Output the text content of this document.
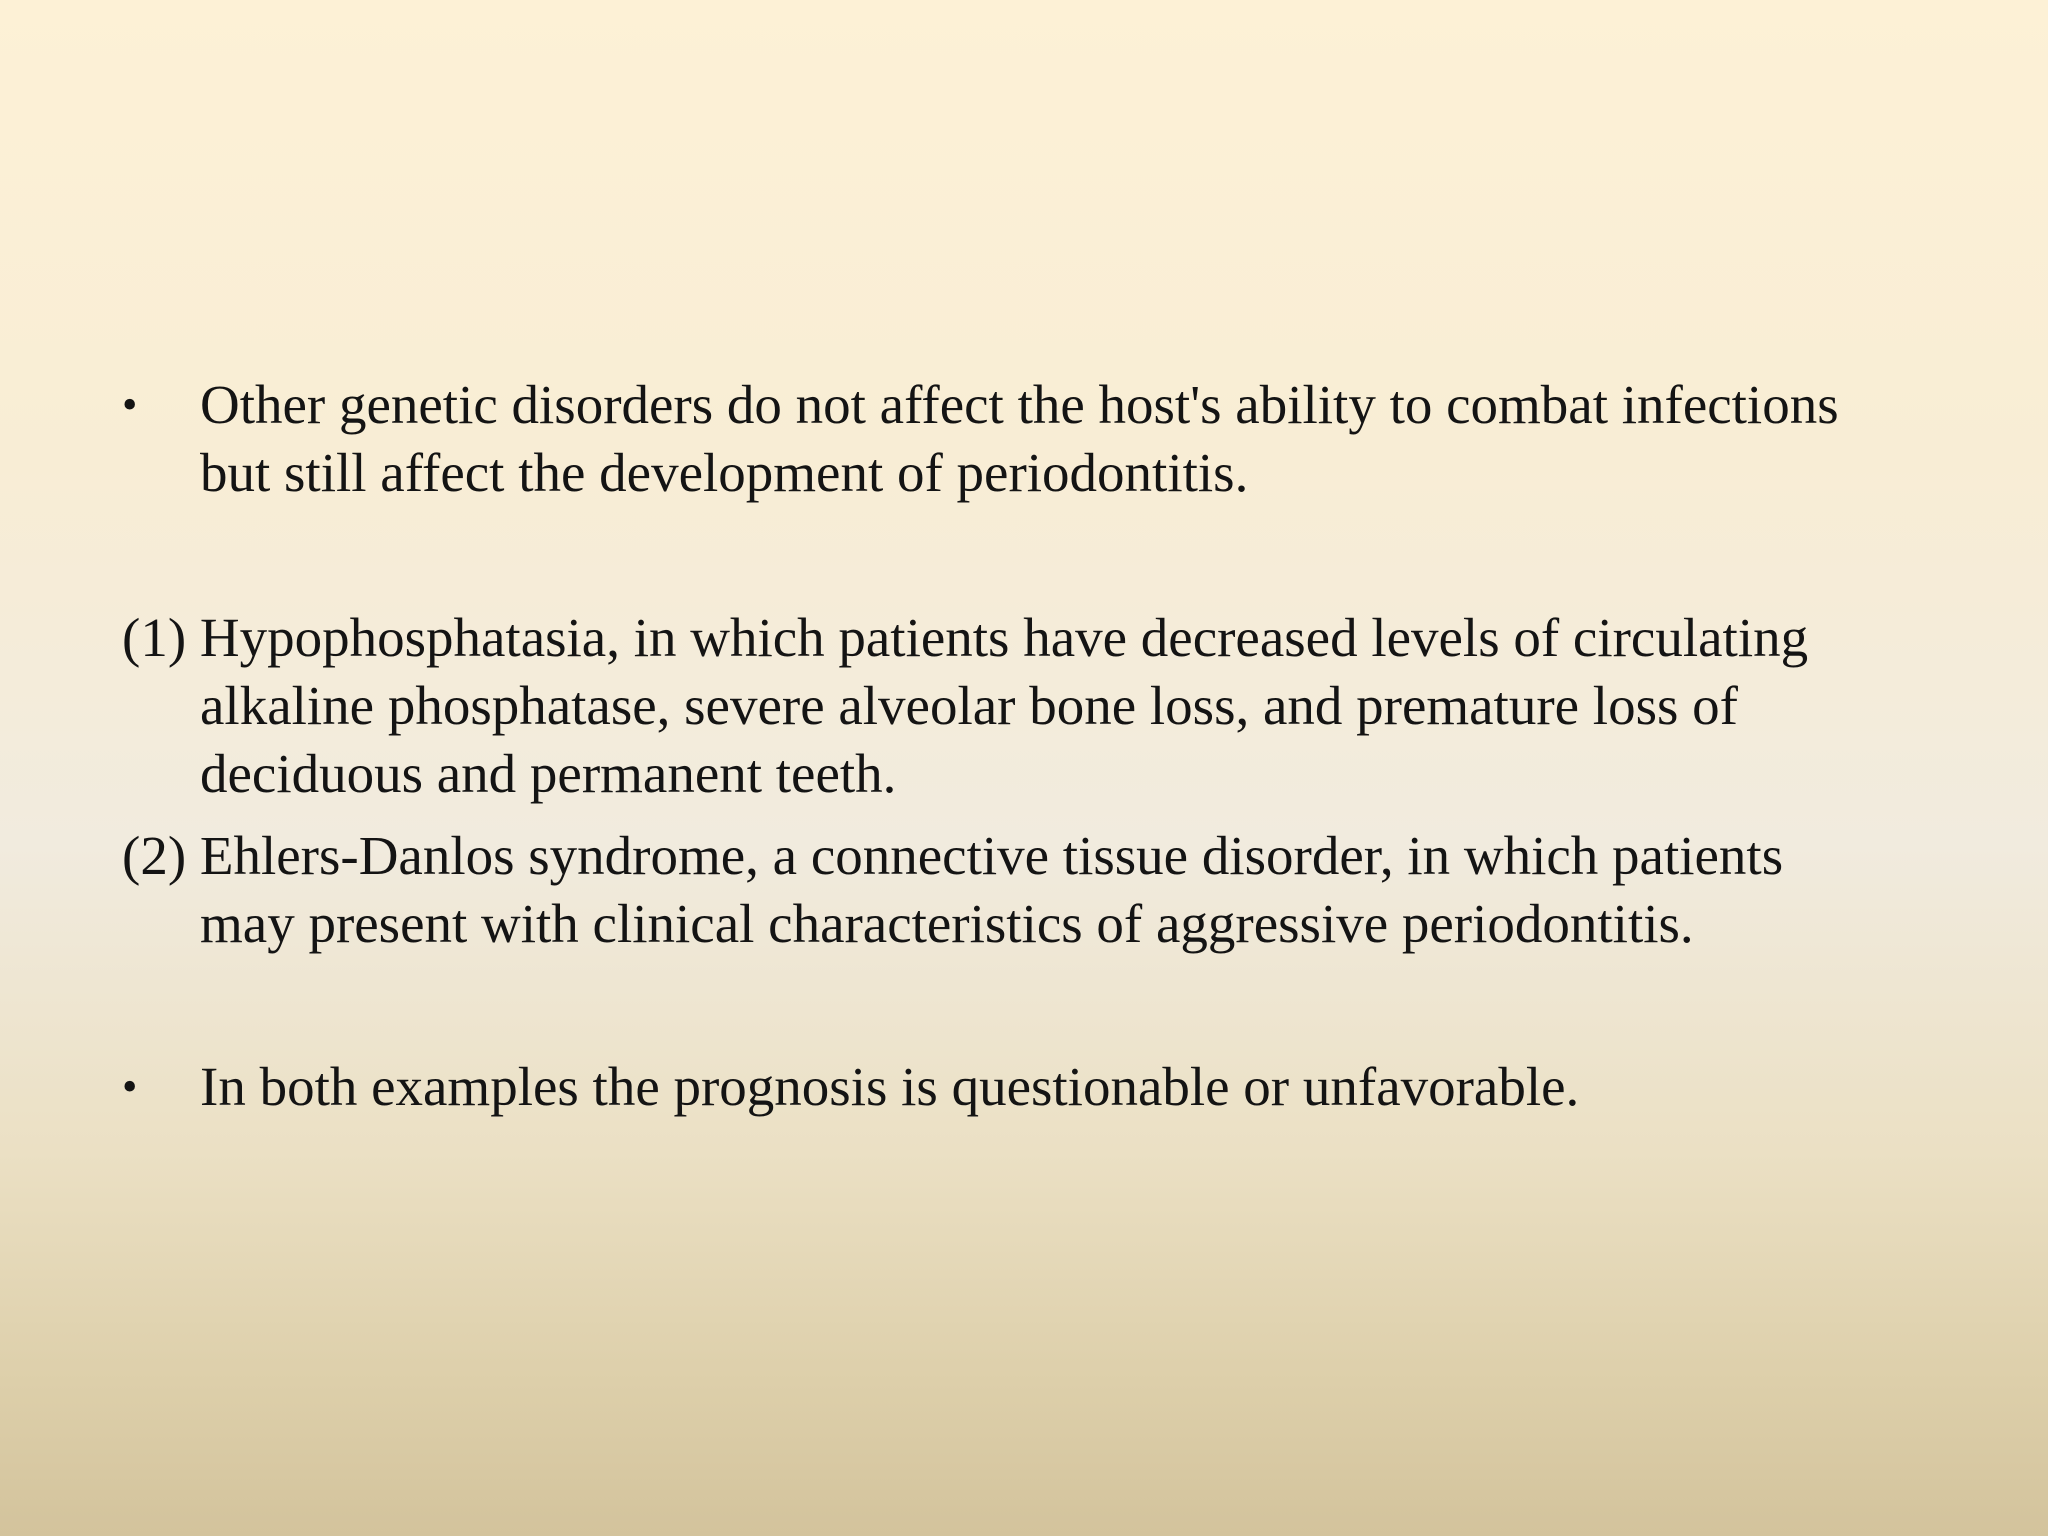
• Other genetic disorders do not affect the host's ability to combat infections
but still affect the development of periodontitis.
(1) Hypophosphatasia, in which patients have decreased levels of circulating
alkaline phosphatase, severe alveolar bone loss, and premature loss of
deciduous and permanent teeth.
(2) Ehlers-Danlos syndrome, a connective tissue disorder, in which patients
may present with clinical characteristics of aggressive periodontitis.
• In both examples the prognosis is questionable or unfavorable.
